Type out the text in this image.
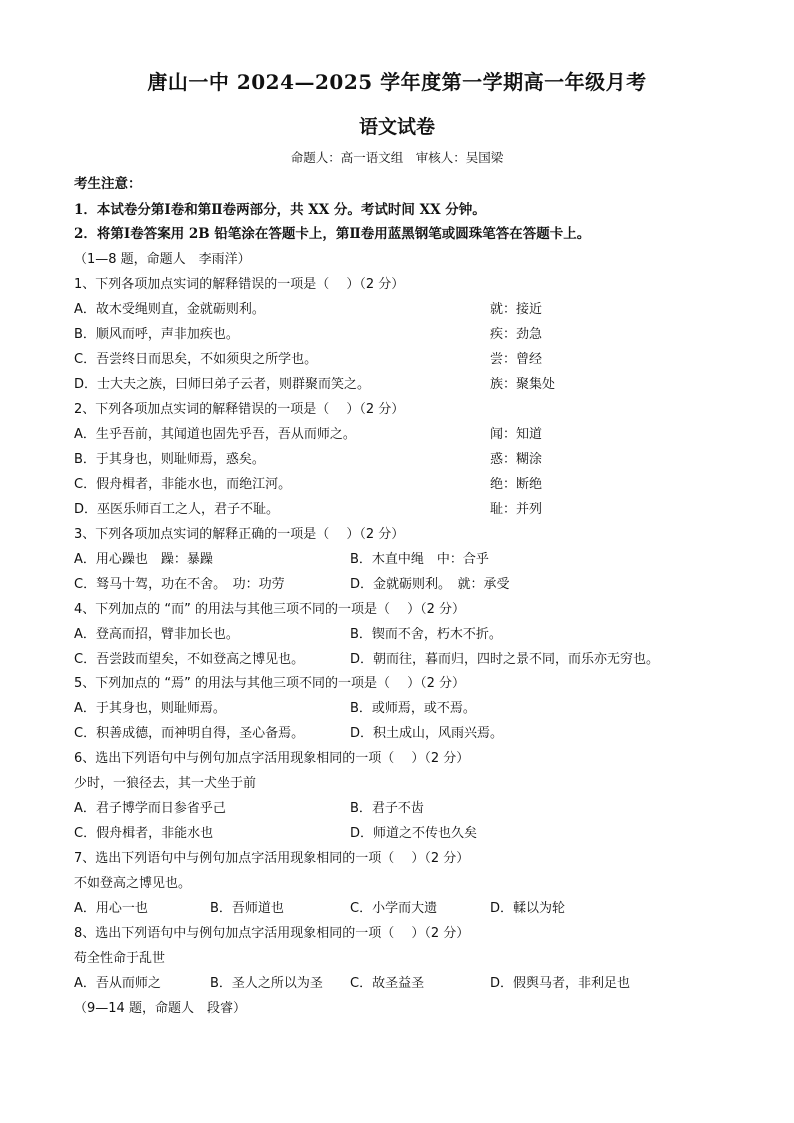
唐山一中 2024—2025 学年度第一学期高一年级月考
语文试卷
命题人：高一语文组　审核人：吴国梁
考生注意：
1．本试卷分第Ⅰ卷和第Ⅱ卷两部分，共 XX 分。考试时间 XX 分钟。
2．将第Ⅰ卷答案用 2B 铅笔涂在答题卡上，第Ⅱ卷用蓝黑钢笔或圆珠笔答在答题卡上。
（1—8 题，命题人　李雨洋）
1、下列各项加点实词的解释错误的一项是（　 ）（2 分）
A．故木受绳则直，金就砺则利。	就：接近
B．顺风而呼，声非加疾也。	疾：劲急
C．吾尝终日而思矣，不如须臾之所学也。	尝：曾经
D．士大夫之族，曰师曰弟子云者，则群聚而笑之。	族：聚集处
2、下列各项加点实词的解释错误的一项是（　 ）（2 分）
A．生乎吾前，其闻道也固先乎吾，吾从而师之。	闻：知道
B．于其身也，则耻师焉，惑矣。	惑：糊涂
C．假舟楫者，非能水也，而绝江河。	绝：断绝
D．巫医乐师百工之人，君子不耻。	耻：并列
3、下列各项加点实词的解释正确的一项是（　 ）（2 分）
A．用心躁也　躁：暴躁	B．木直中绳　中：合乎
C．驽马十驾，功在不舍。　功：功劳	D．金就砺则利。　就：承受
4、下列加点的 “而” 的用法与其他三项不同的一项是（　 ）（2 分）
A．登高而招，臂非加长也。	B．锲而不舍，朽木不折。
C．吾尝跂而望矣，不如登高之博见也。	D．朝而往，暮而归，四时之景不同，而乐亦无穷也。
5、下列加点的 “焉” 的用法与其他三项不同的一项是（　 ）（2 分）
A．于其身也，则耻师焉。	B．或师焉，或不焉。
C．积善成德，而神明自得，圣心备焉。	D．积土成山，风雨兴焉。
6、选出下列语句中与例句加点字活用现象相同的一项（　 ）（2 分）
少时，一狼径去，其一犬坐于前
A．君子博学而日参省乎己	B．君子不齿
C．假舟楫者，非能水也	D．师道之不传也久矣
7、选出下列语句中与例句加点字活用现象相同的一项（　 ）（2 分）
不如登高之博见也。
A．用心一也	B．吾师道也	C．小学而大遗	D．輮以为轮
8、选出下列语句中与例句加点字活用现象相同的一项（　 ）（2 分）
苟全性命于乱世
A．吾从而师之	B．圣人之所以为圣 C．故圣益圣	D．假舆马者，非利足也
（9—14 题，命题人　段睿）
